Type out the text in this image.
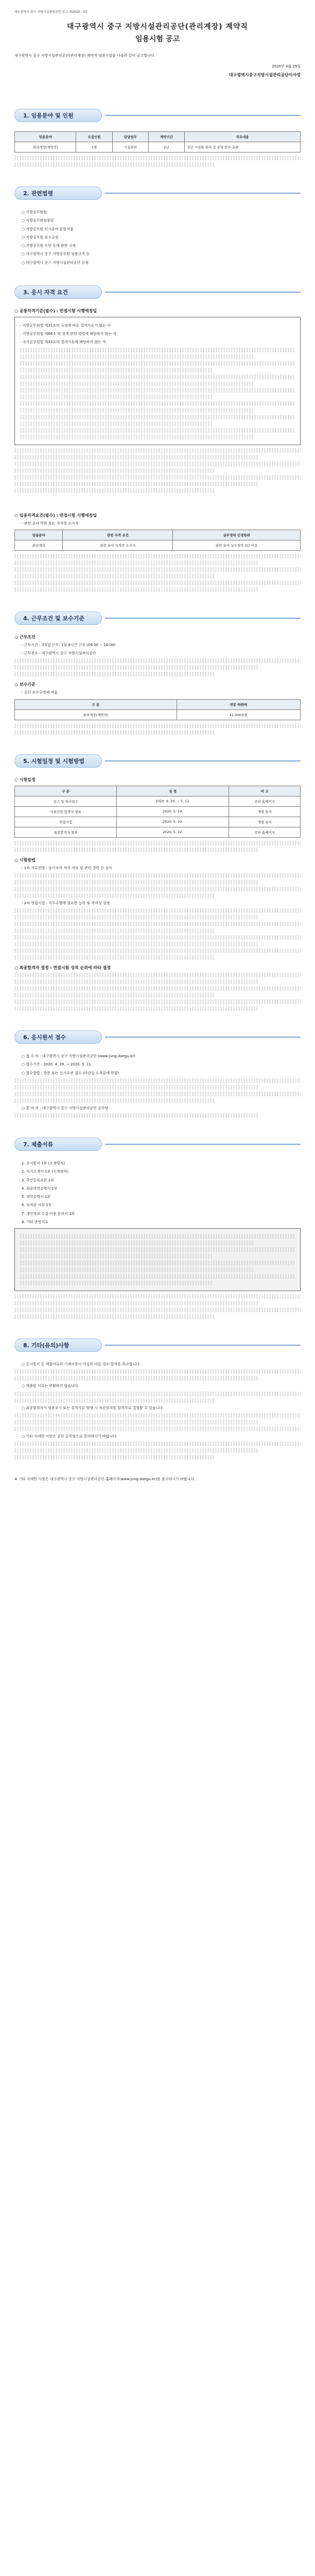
대구광역시 중구 지방시설관리공단 공고 제2020 - 0호
대구광역시 중구 지방시설관리공단(관리계장) 계약직
임용시험 공고
대구광역시 중구 지방시설관리공단(관리계장) 계약직 임용시험을 다음과 같이 공고합니다.
2020년 4월 29일
대구광역시중구지방시설관리공단이사장
1. 임용분야 및 인원
임용분야	모집인원	담당업무	계약기간	직무내용
관리계장(계약직)	1명	시설관리	2년	공단 시설물 관리 및 운영 업무 총괄
2. 관련법령
○ 지방공무원법
○ 지방공무원임용령
○ 지방공무원 인사분야 통합지침
○ 지방공무원 보수규정
○ 지방공무원 수당 등에 관한 규정
○ 대구광역시 중구 지방공무원 임용규칙 등
○ 대구광역시 중구 지방시설관리공단 규정
3. 응시 자격 요건
○ 공통자격기준(필수) : 면접시험 시행예정일
- 지방공무원법 제31조의 규정에 따른 결격사유가 없는 자
- 지방공무원법 제66조 및 징계 관련 법령에 해당하지 않는 자
- 국가공무원법 제33조의 결격사유에 해당하지 않는 자
○ 임용자격요건(필수) : 면접시험 시행예정일
- 관련 분야 학위 또는 자격증 소지자
임용분야	관련 자격 요건	실무경력 인정범위
관리계장	관련 분야 자격증 소지자	관련 분야 실무경력 3년 이상
4. 근무조건 및 보수기준
○ 근무조건
- 근무시간 : 주5일 근무, 1일 8시간 근무 (09:00 ~ 18:00)
- 근무장소 : 대구광역시 중구 지방시설관리공단
○ 보수기준
- 공단 보수규정에 따름
구 분	연봉 하한액
관리계장(계약직)	41,000천원
5. 시험일정 및 시험방법
○ 시험일정
구 분	일 정	비 고
공고 및 원서접수	2020. 4. 29. ~ 5. 11.	공단 홈페이지
서류전형 합격자 발표	2020. 5. 14.	개별 통지
면접시험	2020. 5. 20.	개별 통지
최종합격자 발표	2020. 5. 22.	공단 홈페이지
○ 시험방법
- 1차 서류전형 : 응시자격 적격 여부 및 관련 경력 등 심사
- 2차 면접시험 : 직무수행에 필요한 능력 및 적격성 검정
○ 최종합격자 결정 : 면접시험 성적 순위에 따라 결정
6. 응시원서 접수
○ 접 수 처 : 대구광역시 중구 지방시설관리공단 (www.jung.daegu.kr)
○ 접수기간 : 2020. 4. 29. ~ 2020. 5. 11.
○ 접수방법 : 방문 또는 등기우편 접수 (마감일 도착분에 한함)
○ 문 의 처 : 대구광역시 중구 지방시설관리공단 총무팀
7. 제출서류
1. 응시원서 1부 (소정양식)
2. 자기소개서 1부 (소정양식)
3. 주민등록초본 1부
4. 최종학력증명서 1부
5. 경력증명서 1부
6. 자격증 사본 1부
7. 개인정보 수집·이용 동의서 1부
8. 기타 증빙서류
8. 기타(유의)사항
○ 응시원서 등 제출서류의 기재사항이 사실과 다를 경우 합격을 취소합니다.
○ 제출된 서류는 반환하지 않습니다.
○ 최종합격자가 임용포기 또는 결격사유 발생 시 차순위자를 합격자로 결정할 수 있습니다.
○ 기타 자세한 사항은 공단 총무팀으로 문의하시기 바랍니다.
※ 기타 자세한 사항은 대구광역시 중구 지방시설관리공단 홈페이지(www.jung.daegu.kr)를 참고하시기 바랍니다.
